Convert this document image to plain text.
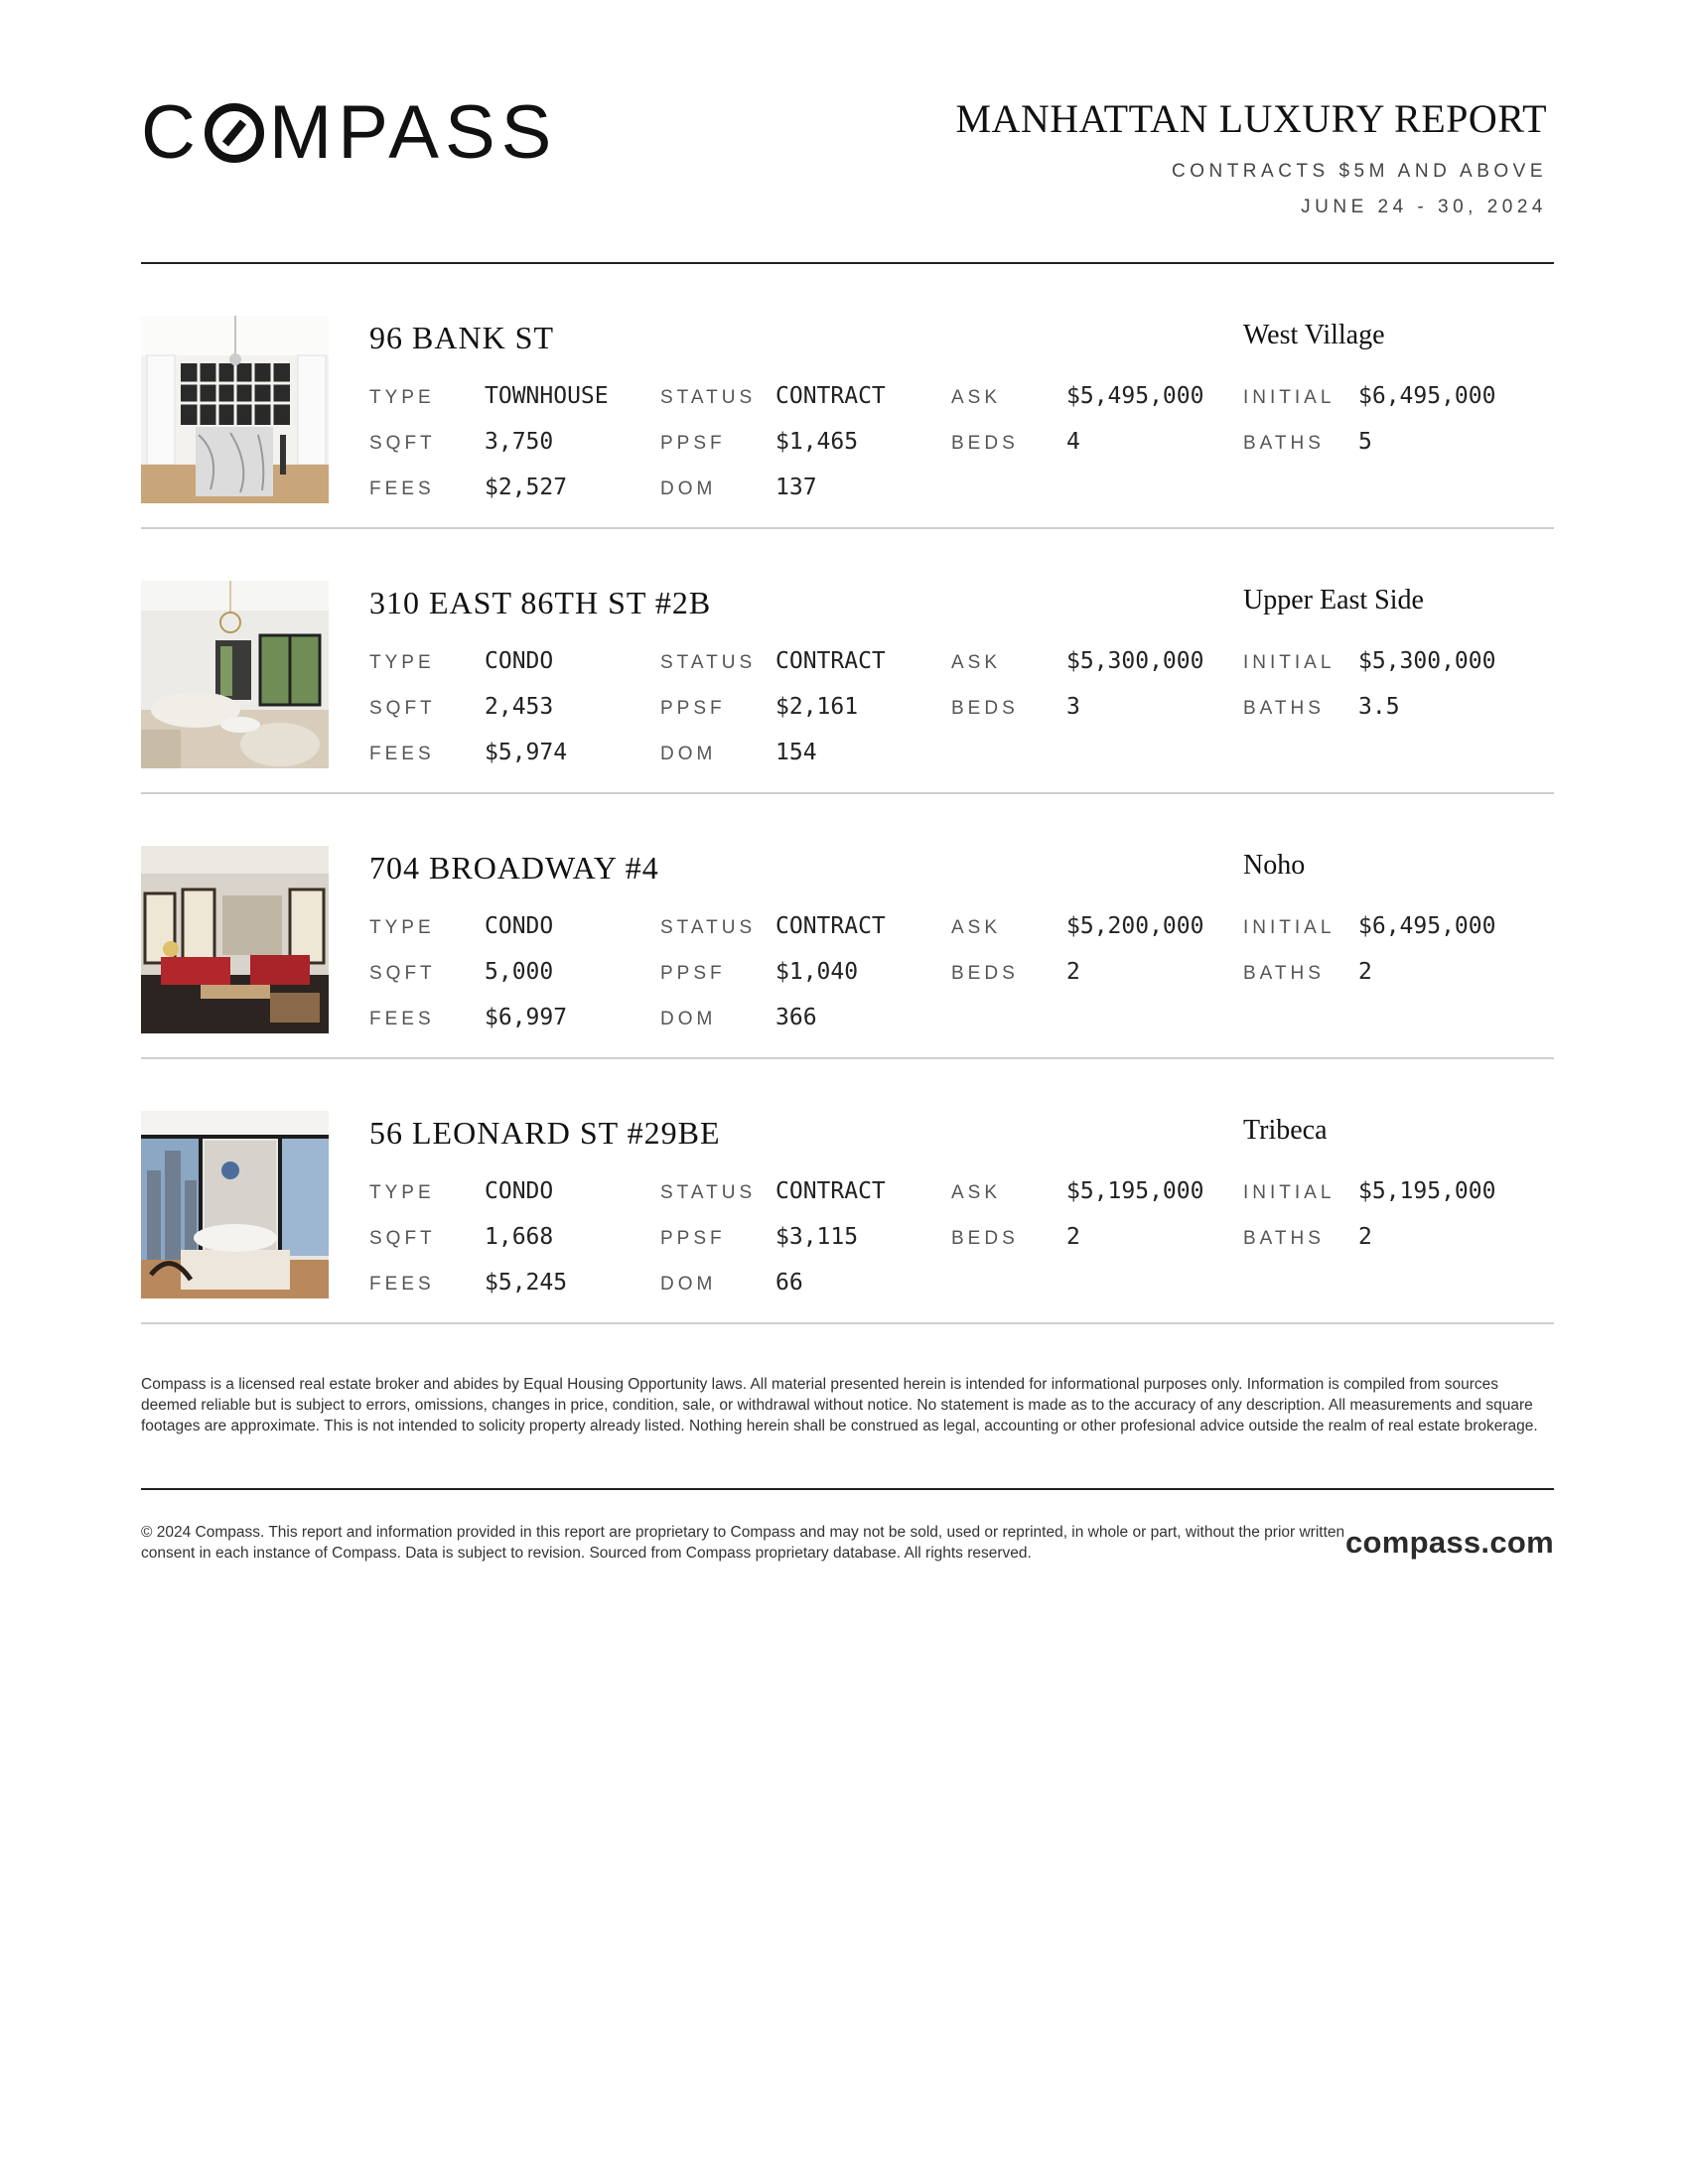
C MPASS	MANHATTAN LUXURY REPORT
CONTRACTS $5M AND ABOVE
JUNE 24 - 30, 2024
96 BANK ST	West Village
TYPE TOWNHOUSE	STATUS CONTRACT	ASK	$5,495,000 INITIAL $6,495,000
SQFT 3,750	PPSF $1,465	BEDS 4	BATHS 5
FEES $2,527	DOM	137
310 EAST 86TH ST #2B	Upper East Side
TYPE CONDO	STATUS CONTRACT	ASK	$5,300,000 INITIAL $5,300,000
SQFT 2,453	PPSF $2,161	BEDS 3	BATHS 3.5
FEES $5,974	DOM	154
704 BROADWAY #4	Noho
TYPE CONDO	STATUS CONTRACT	ASK	$5,200,000 INITIAL $6,495,000
SQFT 5,000	PPSF $1,040	BEDS 2	BATHS 2
FEES $6,997	DOM	366
56 LEONARD ST #29BE	Tribeca
TYPE CONDO	STATUS CONTRACT	ASK	$5,195,000 INITIAL $5,195,000
SQFT 1,668	PPSF $3,115	BEDS 2	BATHS 2
FEES $5,245	DOM	66

Compass is a licensed real estate broker and abides by Equal Housing Opportunity laws. All material presented herein is intended for informational purposes only. Information is compiled from sources deemed reliable but is subject to errors, omissions, changes in price, condition, sale, or withdrawal without notice. No statement is made as to the accuracy of any description. All measurements and square footages are approximate. This is not intended to solicity property already listed. Nothing herein shall be construed as legal, accounting or other profesional advice outside the realm of real estate brokerage.

© 2024 Compass. This report and information provided in this report are proprietary to Compass and may not be sold, used or reprinted, in whole or part, without the prior written consent in each instance of Compass. Data is subject to revision. Sourced from Compass proprietary database. All rights reserved.	compass.com
